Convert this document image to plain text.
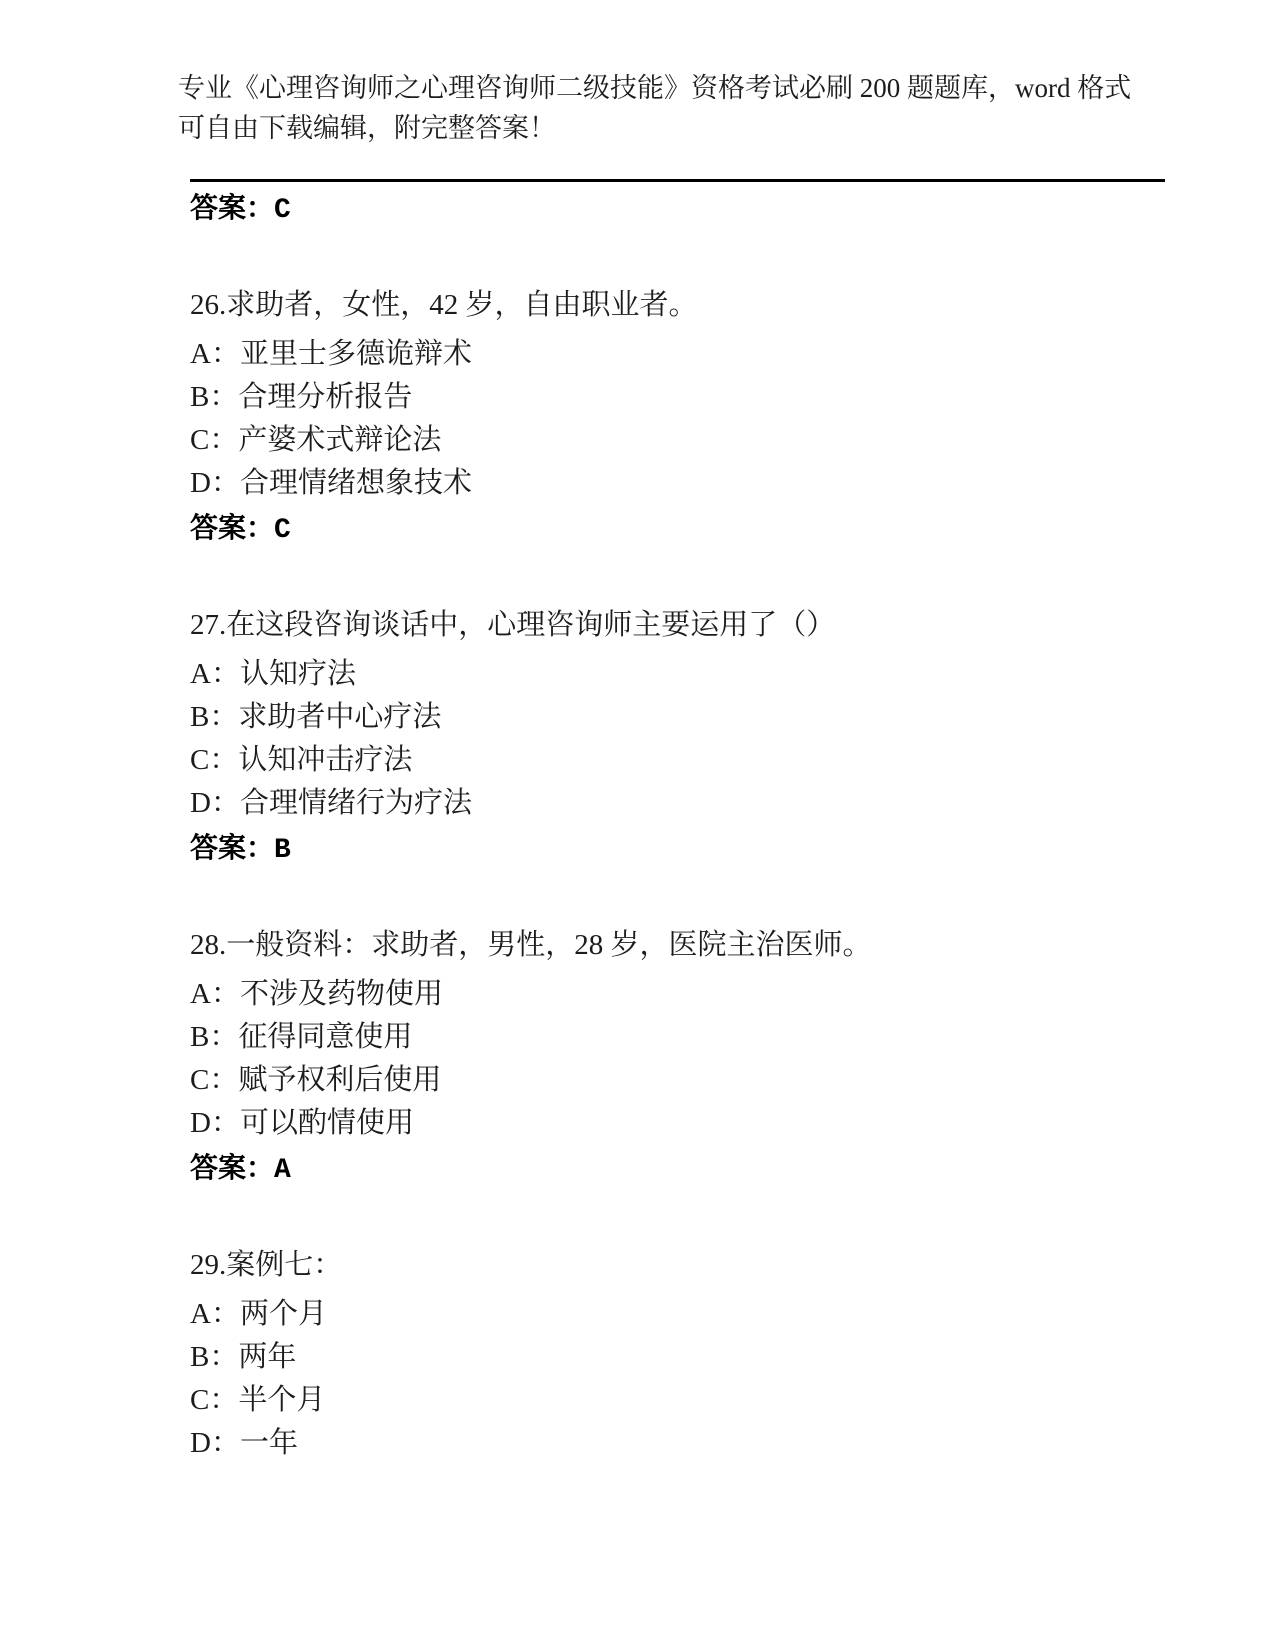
专业《心理咨询师之心理咨询师二级技能》资格考试必刷 200 题题库，word 格式

可自由下载编辑，附完整答案！

答案：C

26.求助者，女性，42 岁，自由职业者。

A：亚里士多德诡辩术

B：合理分析报告

C：产婆术式辩论法

D：合理情绪想象技术

答案：C

27.在这段咨询谈话中，心理咨询师主要运用了（）

A：认知疗法

B：求助者中心疗法

C：认知冲击疗法

D：合理情绪行为疗法

答案：B

28.一般资料：求助者，男性，28 岁，医院主治医师。

A：不涉及药物使用

B：征得同意使用

C：赋予权利后使用

D：可以酌情使用

答案：A

29.案例七：

A：两个月

B：两年

C：半个月

D：一年
